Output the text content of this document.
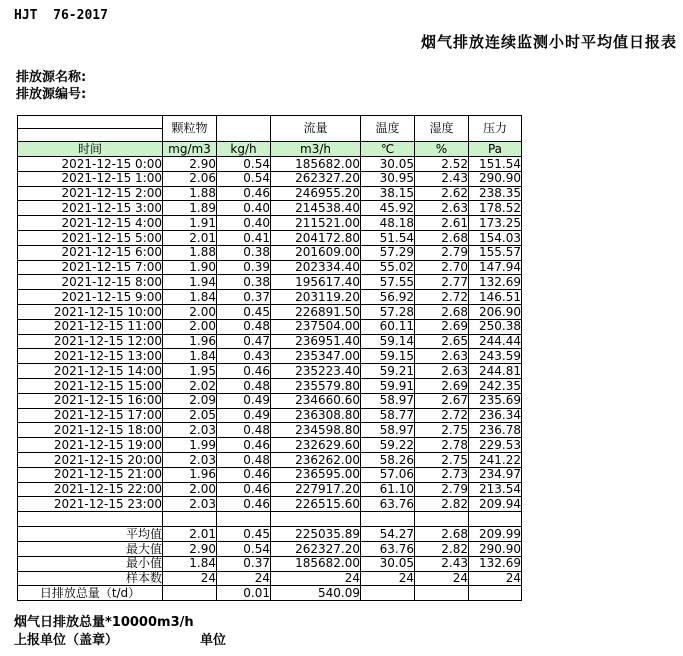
HJT  76-2017
烟气排放连续监测小时平均值日报表
排放源名称:
排放源编号:
	颗粒物		流量	温度	湿度	压力

时间	mg/m3	kg/h	m3/h	℃	%	Pa
2021-12-15 0:00	2.90	0.54	185682.00	30.05	2.52	151.54
2021-12-15 1:00	2.06	0.54	262327.20	30.95	2.43	290.90
2021-12-15 2:00	1.88	0.46	246955.20	38.15	2.62	238.35
2021-12-15 3:00	1.89	0.40	214538.40	45.92	2.63	178.52
2021-12-15 4:00	1.91	0.40	211521.00	48.18	2.61	173.25
2021-12-15 5:00	2.01	0.41	204172.80	51.54	2.68	154.03
2021-12-15 6:00	1.88	0.38	201609.00	57.29	2.79	155.57
2021-12-15 7:00	1.90	0.39	202334.40	55.02	2.70	147.94
2021-12-15 8:00	1.94	0.38	195617.40	57.55	2.77	132.69
2021-12-15 9:00	1.84	0.37	203119.20	56.92	2.72	146.51
2021-12-15 10:00	2.00	0.45	226891.50	57.28	2.68	206.90
2021-12-15 11:00	2.00	0.48	237504.00	60.11	2.69	250.38
2021-12-15 12:00	1.96	0.47	236951.40	59.14	2.65	244.44
2021-12-15 13:00	1.84	0.43	235347.00	59.15	2.63	243.59
2021-12-15 14:00	1.95	0.46	235223.40	59.21	2.63	244.81
2021-12-15 15:00	2.02	0.48	235579.80	59.91	2.69	242.35
2021-12-15 16:00	2.09	0.49	234660.60	58.97	2.67	235.69
2021-12-15 17:00	2.05	0.49	236308.80	58.77	2.72	236.34
2021-12-15 18:00	2.03	0.48	234598.80	58.97	2.75	236.78
2021-12-15 19:00	1.99	0.46	232629.60	59.22	2.78	229.53
2021-12-15 20:00	2.03	0.48	236262.00	58.26	2.75	241.22
2021-12-15 21:00	1.96	0.46	236595.00	57.06	2.73	234.97
2021-12-15 22:00	2.00	0.46	227917.20	61.10	2.79	213.54
2021-12-15 23:00	2.03	0.46	226515.60	63.76	2.82	209.94

平均值	2.01	0.45	225035.89	54.27	2.68	209.99
最大值	2.90	0.54	262327.20	63.76	2.82	290.90
最小值	1.84	0.37	185682.00	30.05	2.43	132.69
样本数	24	24	24	24	24	24
日排放总量（t/d）		0.01	540.09			
烟气日排放总量*10000m3/h
上报单位（盖章）	单位
